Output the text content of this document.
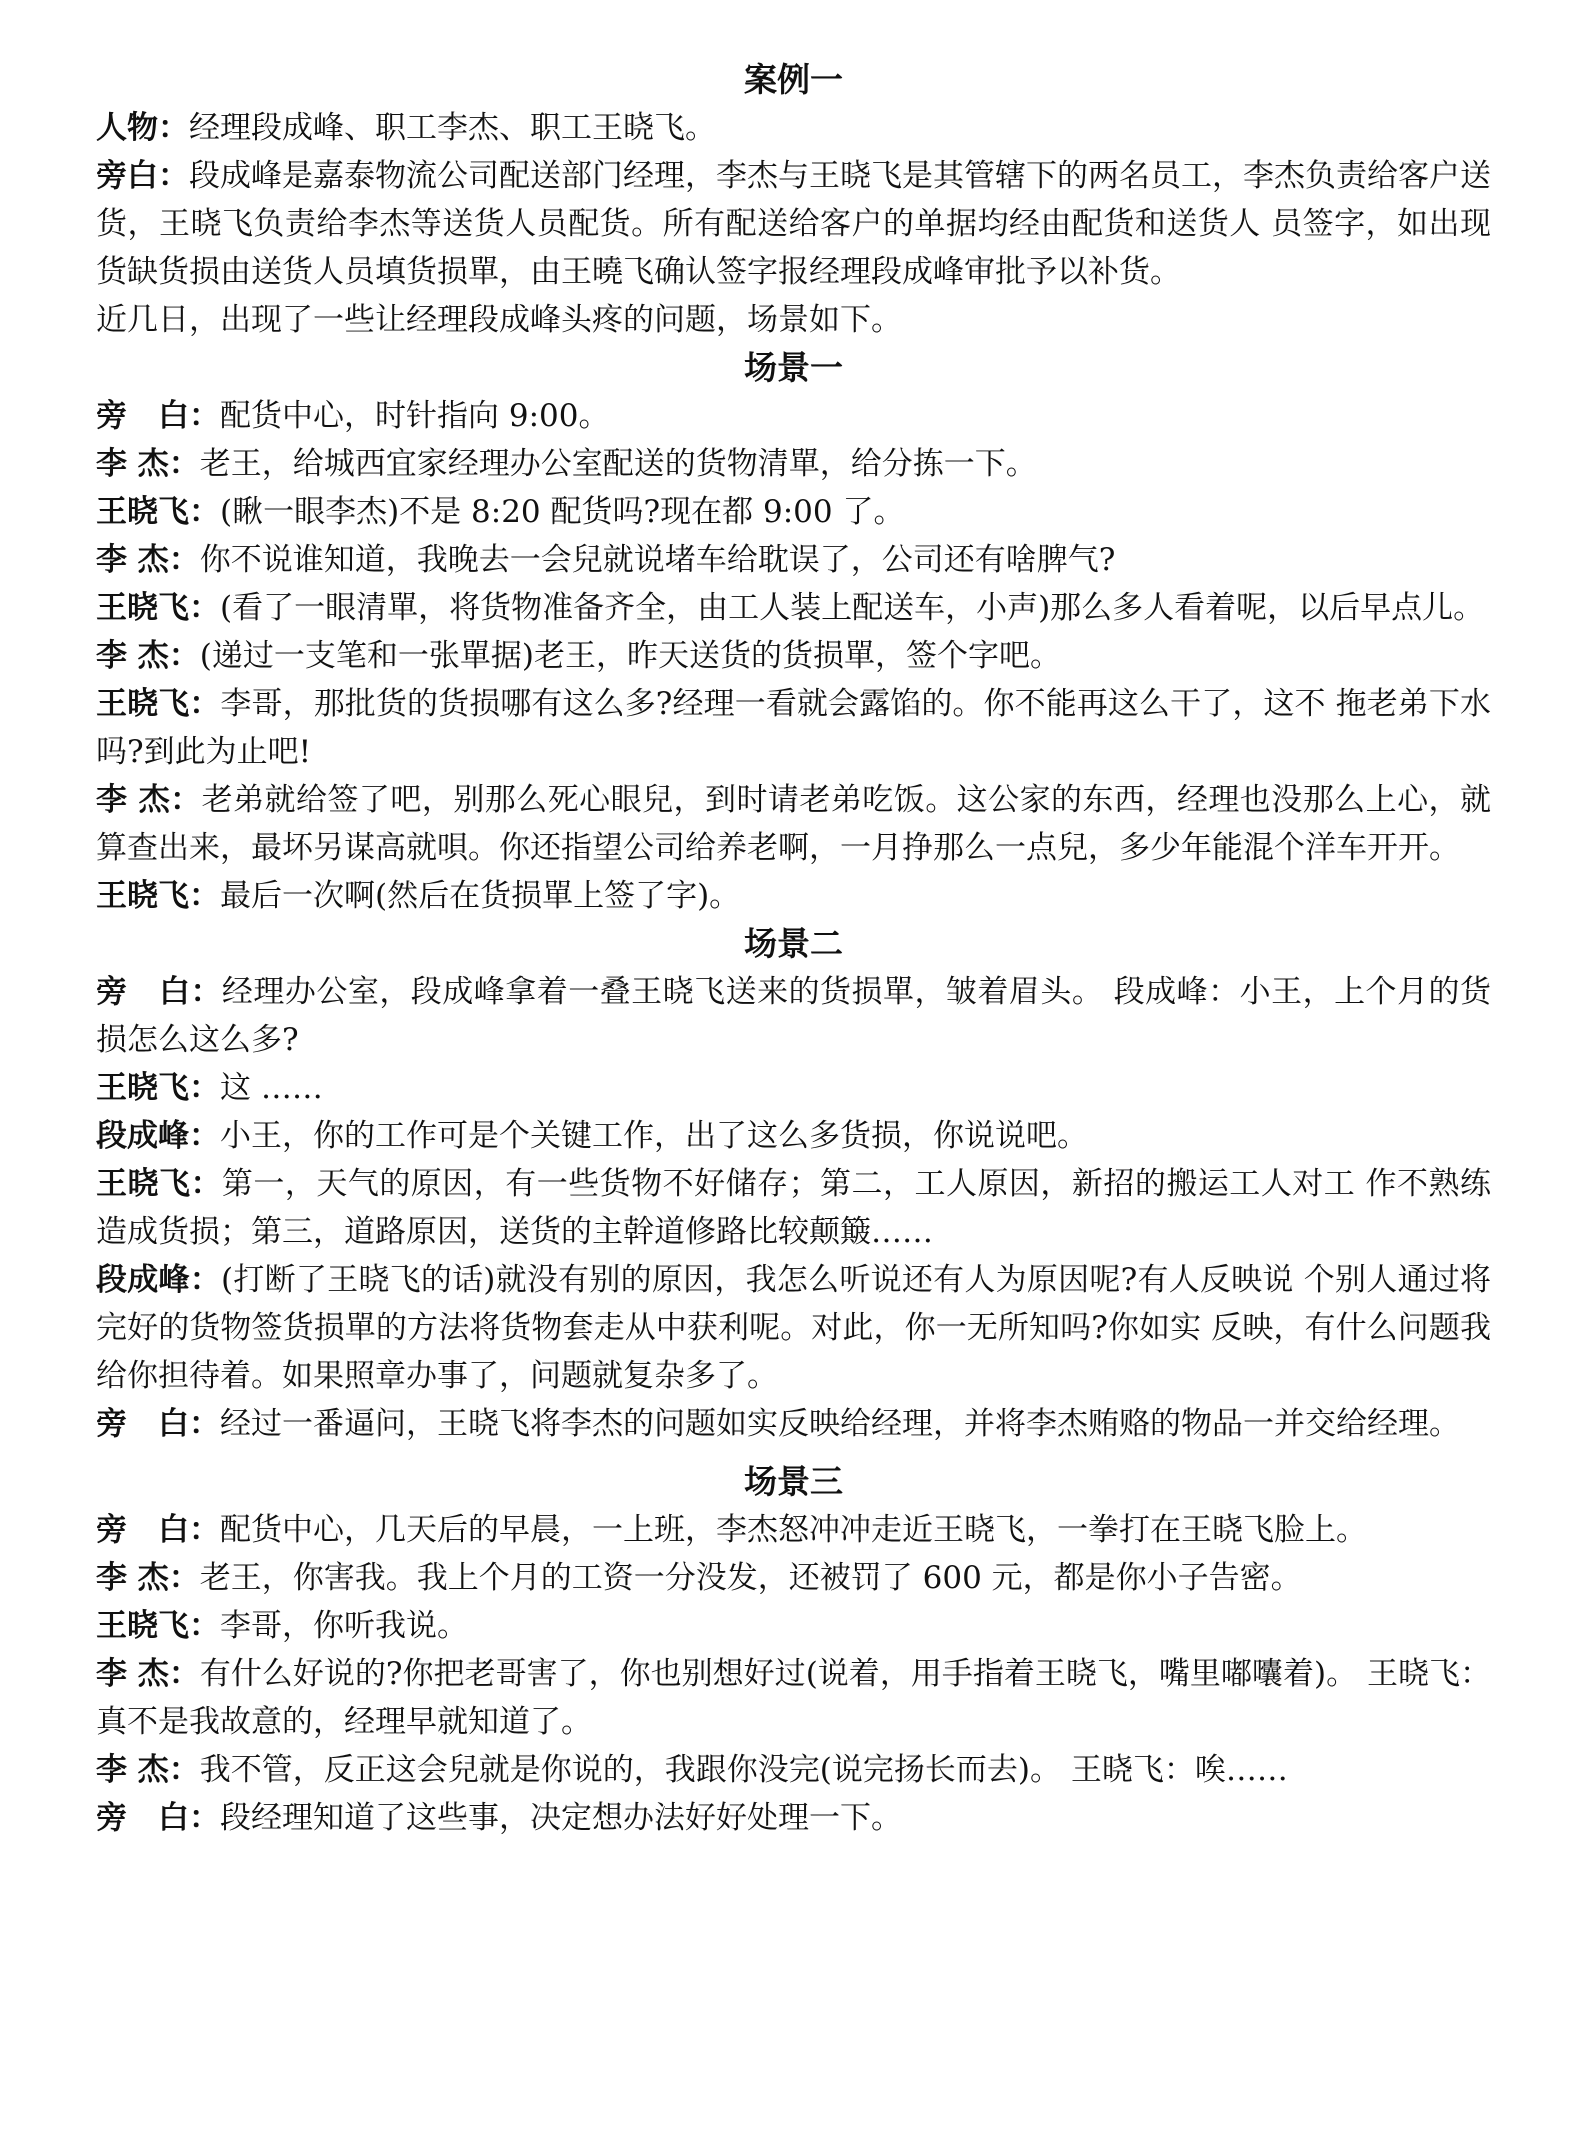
案例一

人物：经理段成峰、职工李杰、职工王晓飞。

旁白：段成峰是嘉泰物流公司配送部门经理，李杰与王晓飞是其管辖下的两名员工，李杰负责给客户送货，王晓飞负责给李杰等送货人员配货。所有配送给客户的单据均经由配货和送货人 员签字，如出现货缺货损由送货人员填货损單，由王曉飞确认签字报经理段成峰审批予以补货。

近几日，出现了一些让经理段成峰头疼的问题，场景如下。

场景一

旁　白：配货中心，时针指向 9:00。

李 杰：老王，给城西宜家经理办公室配送的货物清單，给分拣一下。

王晓飞：(瞅一眼李杰)不是 8:20 配货吗?现在都 9:00 了。

李 杰：你不说谁知道，我晚去一会兒就说堵车给耽误了，公司还有啥脾气?

王晓飞：(看了一眼清單，将货物准备齐全，由工人装上配送车，小声)那么多人看着呢，以后早点儿。

李 杰：(递过一支笔和一张單据)老王，昨天送货的货损單，签个字吧。

王晓飞：李哥，那批货的货损哪有这么多?经理一看就会露馅的。你不能再这么干了，这不 拖老弟下水吗?到此为止吧!

李 杰：老弟就给签了吧，别那么死心眼兒，到时请老弟吃饭。这公家的东西，经理也没那么上心，就算查出来，最坏另谋高就唄。你还指望公司给养老啊，一月挣那么一点兒，多少年能混个洋车开开。

王晓飞：最后一次啊(然后在货损單上签了字)。

场景二

旁　白：经理办公室，段成峰拿着一叠王晓飞送来的货损單，皱着眉头。 段成峰：小王，上个月的货损怎么这么多?

王晓飞：这 ……

段成峰：小王，你的工作可是个关键工作，出了这么多货损，你说说吧。

王晓飞：第一，天气的原因，有一些货物不好储存；第二，工人原因，新招的搬运工人对工 作不熟练造成货损；第三，道路原因，送货的主幹道修路比较颠簸……

段成峰：(打断了王晓飞的话)就没有别的原因，我怎么听说还有人为原因呢?有人反映说 个别人通过将完好的货物签货损單的方法将货物套走从中获利呢。对此，你一无所知吗?你如实 反映，有什么问题我给你担待着。如果照章办事了，问题就复杂多了。

旁　白：经过一番逼问，王晓飞将李杰的问题如实反映给经理，并将李杰贿赂的物品一并交给经理。

场景三

旁　白：配货中心，几天后的早晨，一上班，李杰怒冲冲走近王晓飞，一拳打在王晓飞脸上。

李 杰：老王，你害我。我上个月的工资一分没发，还被罚了 600 元，都是你小子告密。

王晓飞：李哥，你听我说。

李 杰：有什么好说的?你把老哥害了，你也别想好过(说着，用手指着王晓飞，嘴里嘟囔着)。 王晓飞：真不是我故意的，经理早就知道了。

李 杰：我不管，反正这会兒就是你说的，我跟你没完(说完扬长而去)。 王晓飞：唉……

旁　白：段经理知道了这些事，决定想办法好好处理一下。
